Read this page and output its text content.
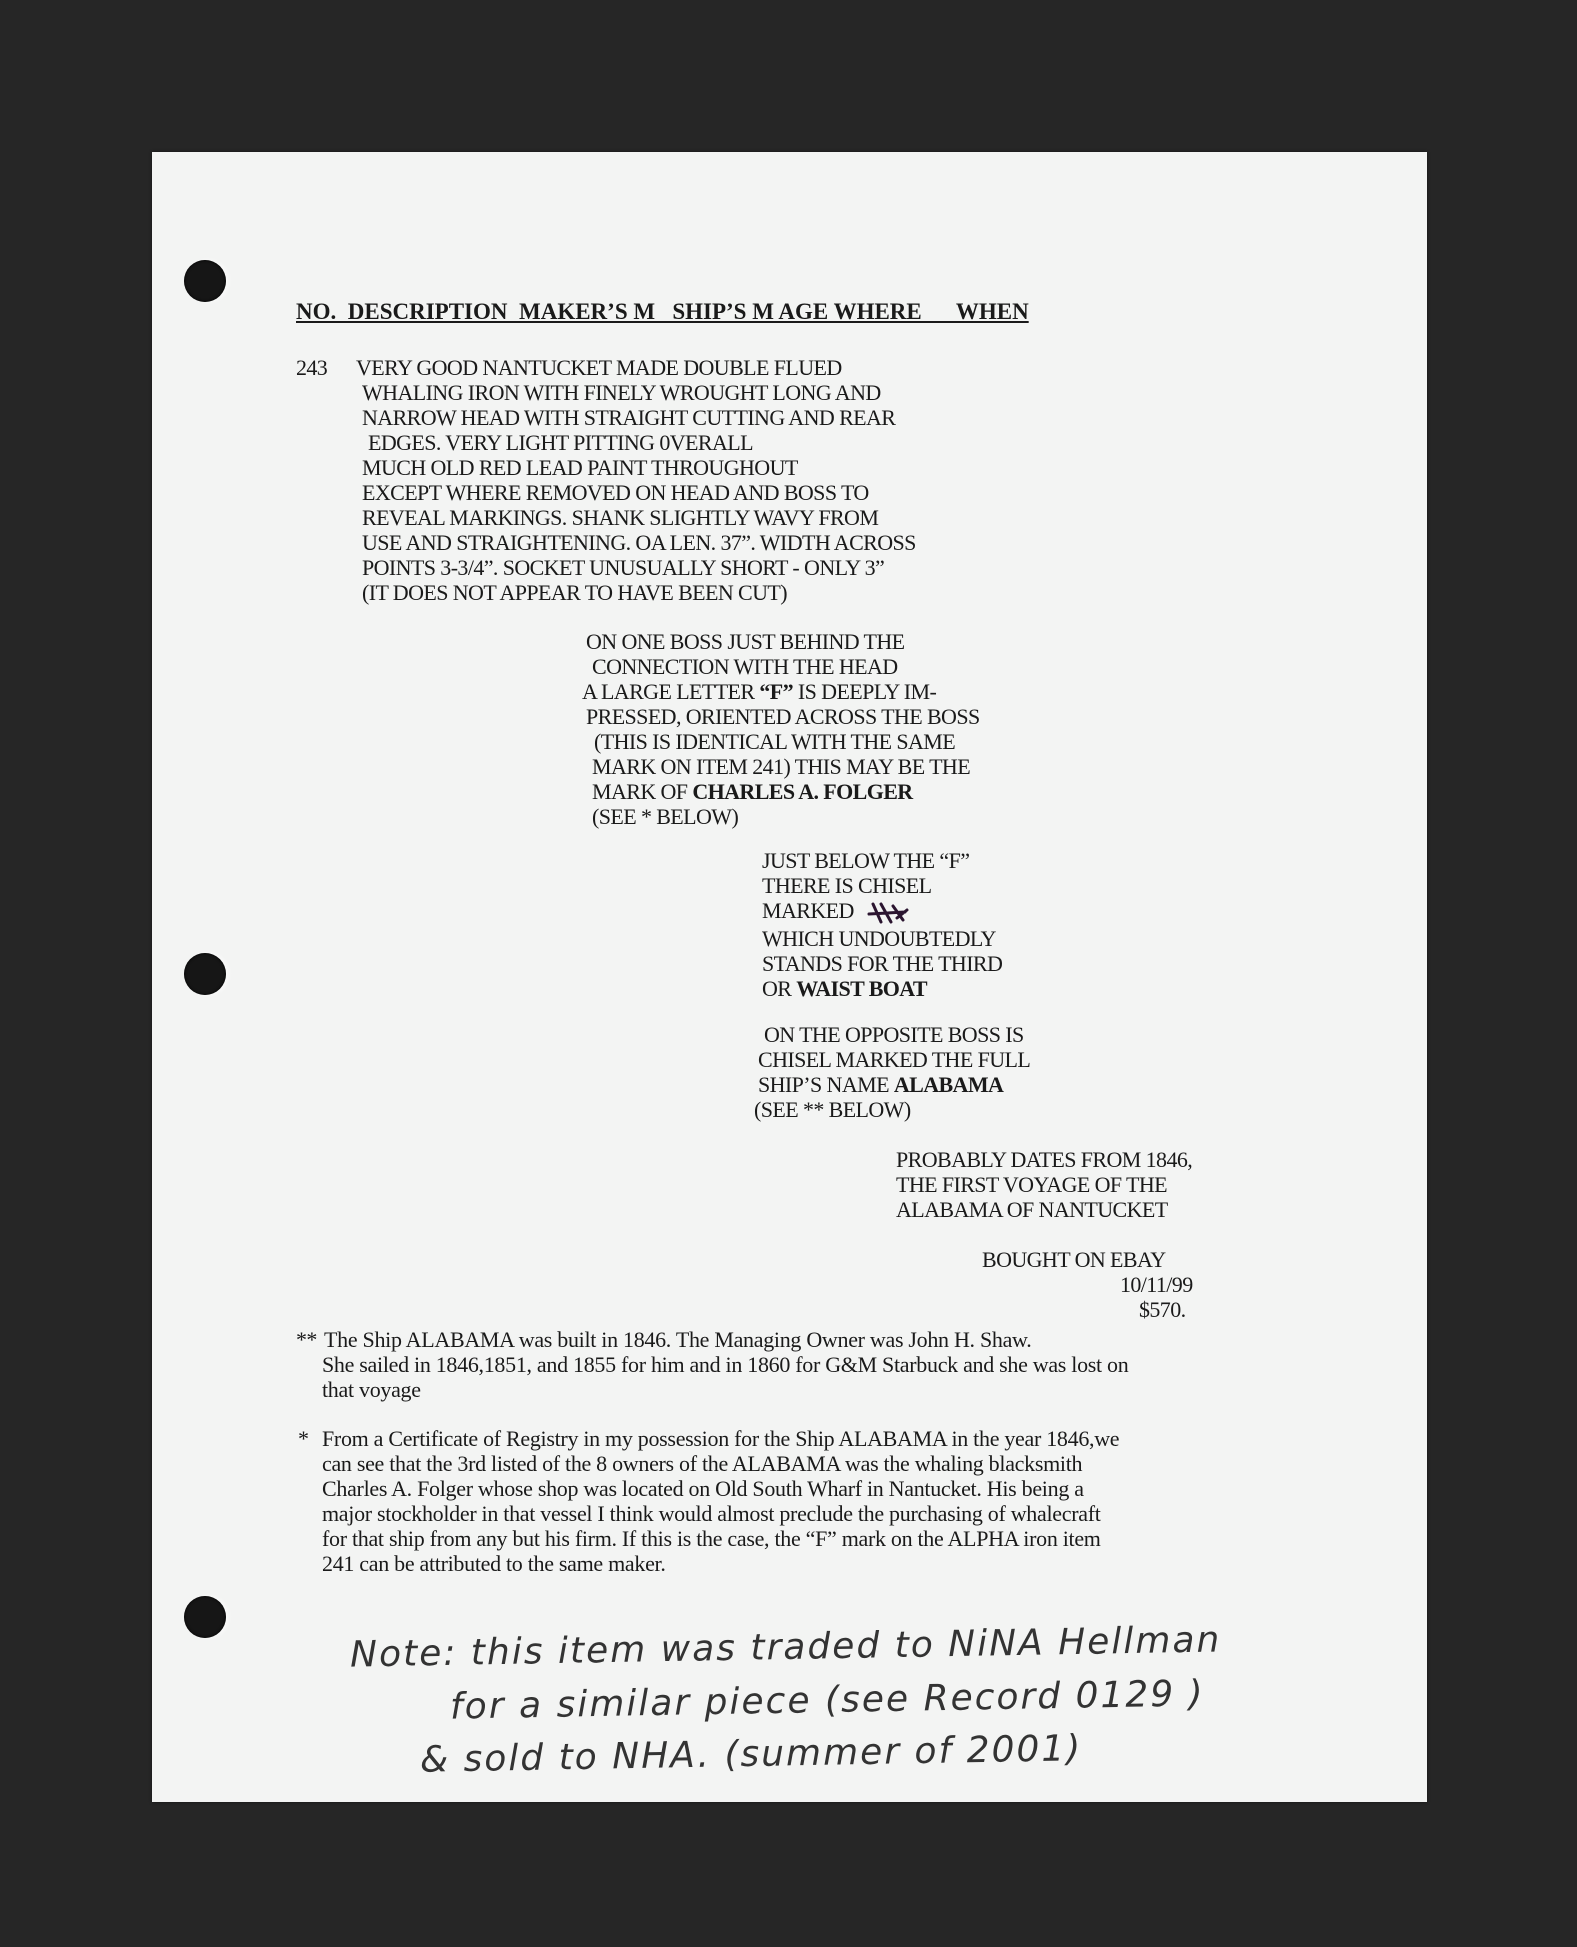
NO.  DESCRIPTION  MAKER’S M   SHIP’S M AGE WHERE      WHEN
243 VERY GOOD NANTUCKET MADE DOUBLE FLUED
WHALING IRON WITH FINELY WROUGHT LONG AND
NARROW HEAD WITH STRAIGHT CUTTING AND REAR
EDGES. VERY LIGHT PITTING 0VERALL
MUCH OLD RED LEAD PAINT THROUGHOUT
EXCEPT WHERE REMOVED ON HEAD AND BOSS TO
REVEAL MARKINGS. SHANK SLIGHTLY WAVY FROM
USE AND STRAIGHTENING. OA LEN. 37”. WIDTH ACROSS
POINTS 3-3/4”. SOCKET UNUSUALLY SHORT - ONLY 3”
(IT DOES NOT APPEAR TO HAVE BEEN CUT)
ON ONE BOSS JUST BEHIND THE
CONNECTION WITH THE HEAD
A LARGE LETTER “F” IS DEEPLY IM-
PRESSED, ORIENTED ACROSS THE BOSS
(THIS IS IDENTICAL WITH THE SAME
MARK ON ITEM 241) THIS MAY BE THE
MARK OF CHARLES A. FOLGER
(SEE * BELOW)
JUST BELOW THE “F”
THERE IS CHISEL
MARKED
WHICH UNDOUBTEDLY
STANDS FOR THE THIRD
OR WAIST BOAT
ON THE OPPOSITE BOSS IS
CHISEL MARKED THE FULL
SHIP’S NAME ALABAMA
(SEE ** BELOW)
PROBABLY DATES FROM 1846,
THE FIRST VOYAGE OF THE
ALABAMA OF NANTUCKET
BOUGHT ON EBAY
10/11/99
$570.
** The Ship ALABAMA was built in 1846. The Managing Owner was John H. Shaw.
She sailed in 1846,1851, and 1855 for him and in 1860 for G&M Starbuck and she was lost on
that voyage
* From a Certificate of Registry in my possession for the Ship ALABAMA in the year 1846,we
can see that the 3rd listed of the 8 owners of the ALABAMA was the whaling blacksmith
Charles A. Folger whose shop was located on Old South Wharf in Nantucket. His being a
major stockholder in that vessel I think would almost preclude the purchasing of whalecraft
for that ship from any but his firm. If this is the case, the “F” mark on the ALPHA iron item
241 can be attributed to the same maker.
Note: this item was traded to NiNA Hellman
for a similar piece (see Record 0129 )
& sold to NHA. (summer of 2001)
